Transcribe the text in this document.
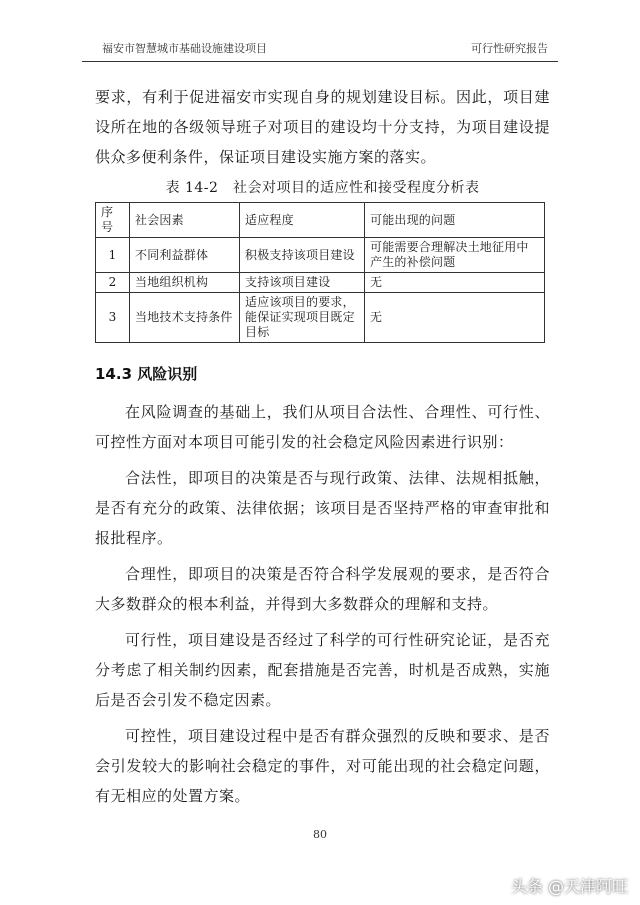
福安市智慧城市基础设施建设项目	可行性研究报告

要求，有利于促进福安市实现自身的规划建设目标。因此，项目建设所在地的各级领导班子对项目的建设均十分支持，为项目建设提供众多便利条件，保证项目建设实施方案的落实。

表 14-2　社会对项目的适应性和接受程度分析表

序号	社会因素	适应程度	可能出现的问题
1	不同利益群体	积极支持该项目建设	可能需要合理解决土地征用中产生的补偿问题
2	当地组织机构	支持该项目建设	无
3	当地技术支持条件	适应该项目的要求，能保证实现项目既定目标	无
14.3 风险识别

在风险调查的基础上，我们从项目合法性、合理性、可行性、可控性方面对本项目可能引发的社会稳定风险因素进行识别：

合法性，即项目的决策是否与现行政策、法律、法规相抵触，是否有充分的政策、法律依据；该项目是否坚持严格的审查审批和报批程序。

合理性，即项目的决策是否符合科学发展观的要求，是否符合大多数群众的根本利益，并得到大多数群众的理解和支持。

可行性，项目建设是否经过了科学的可行性研究论证，是否充分考虑了相关制约因素，配套措施是否完善，时机是否成熟，实施后是否会引发不稳定因素。

可控性，项目建设过程中是否有群众强烈的反映和要求、是否会引发较大的影响社会稳定的事件，对可能出现的社会稳定问题，有无相应的处置方案。

80
头条 @天津阿旺
